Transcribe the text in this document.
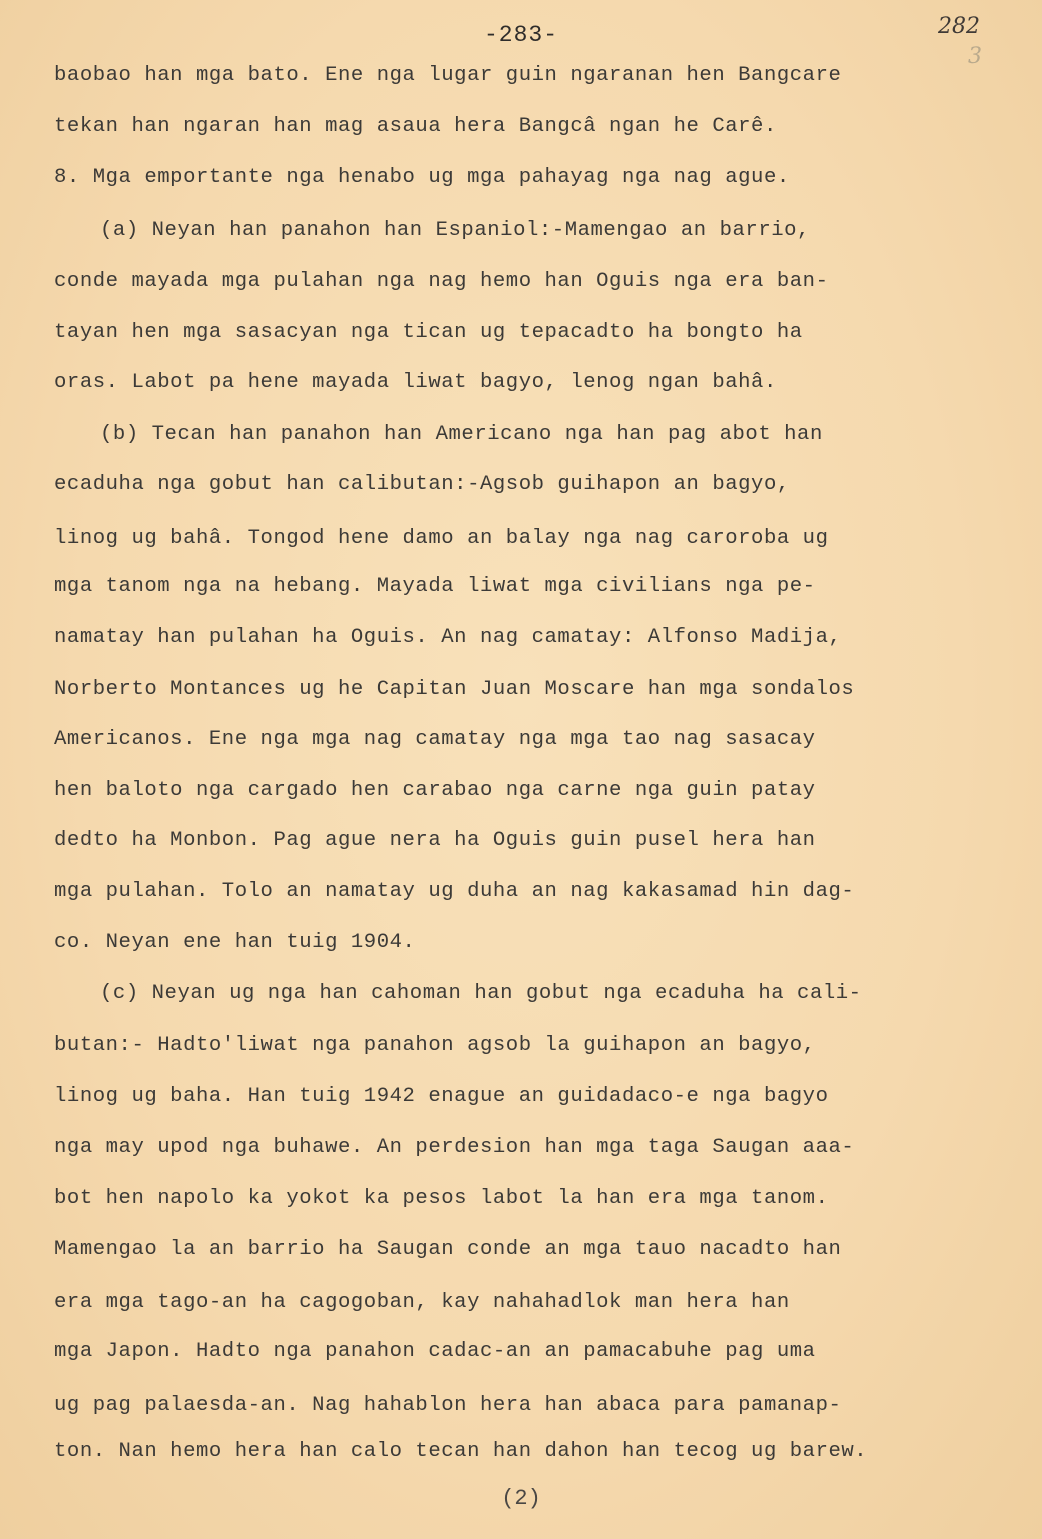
-283-	282
3
baobao han mga bato. Ene nga lugar guin ngaranan hen Bangcare
tekan han ngaran han mag asaua hera Bangcâ ngan he Carê.
8. Mga emportante nga henabo ug mga pahayag nga nag ague.
(a) Neyan han panahon han Espaniol:-Mamengao an barrio,
conde mayada mga pulahan nga nag hemo han Oguis nga era ban-
tayan hen mga sasacyan nga tican ug tepacadto ha bongto ha
oras. Labot pa hene mayada liwat bagyo, lenog ngan bahâ.
(b) Tecan han panahon han Americano nga han pag abot han
ecaduha nga gobut han calibutan:-Agsob guihapon an bagyo,
linog ug bahâ. Tongod hene damo an balay nga nag caroroba ug
mga tanom nga na hebang. Mayada liwat mga civilians nga pe-
namatay han pulahan ha Oguis. An nag camatay: Alfonso Madija,
Norberto Montances ug he Capitan Juan Moscare han mga sondalos
Americanos. Ene nga mga nag camatay nga mga tao nag sasacay
hen baloto nga cargado hen carabao nga carne nga guin patay
dedto ha Monbon. Pag ague nera ha Oguis guin pusel hera han
mga pulahan. Tolo an namatay ug duha an nag kakasamad hin dag-
co. Neyan ene han tuig 1904.
(c) Neyan ug nga han cahoman han gobut nga ecaduha ha cali-
butan:- Hadto'liwat nga panahon agsob la guihapon an bagyo,
linog ug baha. Han tuig 1942 enague an guidadaco-e nga bagyo
nga may upod nga buhawe. An perdesion han mga taga Saugan aaa-
bot hen napolo ka yokot ka pesos labot la han era mga tanom.
Mamengao la an barrio ha Saugan conde an mga tauo nacadto han
era mga tago-an ha cagogoban, kay nahahadlok man hera han
mga Japon. Hadto nga panahon cadac-an an pamacabuhe pag uma
ug pag palaesda-an. Nag hahablon hera han abaca para pamanap-
ton. Nan hemo hera han calo tecan han dahon han tecog ug barew.
(2)
